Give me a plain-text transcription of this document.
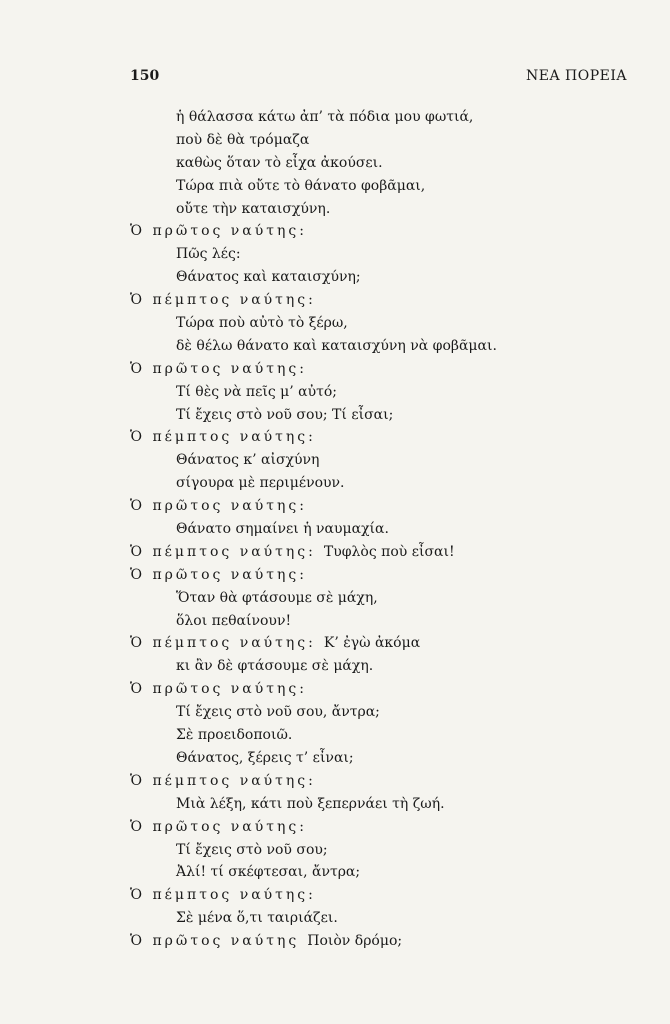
150	ΝΕΑ ΠΟΡΕΙΑ
ἡ θάλασσα κάτω ἀπ’ τὰ πόδια μου φωτιά,
ποὺ δὲ θὰ τρόμαζα
καθὼς ὅταν τὸ εἶχα ἀκούσει.
Τώρα πιὰ οὔτε τὸ θάνατο φοβᾶμαι,
οὔτε τὴν καταισχύνη.
Ὁ πρῶτος ναύτης:
Πῶς λές:
Θάνατος καὶ καταισχύνη;
Ὁ πέμπτος ναύτης:
Τώρα ποὺ αὐτὸ τὸ ξέρω,
δὲ θέλω θάνατο καὶ καταισχύνη νὰ φοβᾶμαι.
Ὁ πρῶτος ναύτης:
Τί θὲς νὰ πεῖς μ’ αὐτό;
Τί ἔχεις στὸ νοῦ σου; Τί εἶσαι;
Ὁ πέμπτος ναύτης:
Θάνατος κ’ αἰσχύνη
σίγουρα μὲ περιμένουν.
Ὁ πρῶτος ναύτης:
Θάνατο σημαίνει ἡ ναυμαχία.
Ὁ πέμπτος ναύτης: Τυφλὸς ποὺ εἶσαι!
Ὁ πρῶτος ναύτης:
Ὅταν θὰ φτάσουμε σὲ μάχη,
ὅλοι πεθαίνουν!
Ὁ πέμπτος ναύτης: Κ’ ἐγὼ ἀκόμα
κι ἂν δὲ φτάσουμε σὲ μάχη.
Ὁ πρῶτος ναύτης:
Τί ἔχεις στὸ νοῦ σου, ἄντρα;
Σὲ προειδοποιῶ.
Θάνατος, ξέρεις τ’ εἶναι;
Ὁ πέμπτος ναύτης:
Μιὰ λέξη, κάτι ποὺ ξεπερνάει τὴ ζωή.
Ὁ πρῶτος ναύτης:
Τί ἔχεις στὸ νοῦ σου;
Ἀλί! τί σκέφτεσαι, ἄντρα;
Ὁ πέμπτος ναύτης:
Σὲ μένα ὅ,τι ταιριάζει.
Ὁ πρῶτος ναύτης Ποιὸν δρόμο;
